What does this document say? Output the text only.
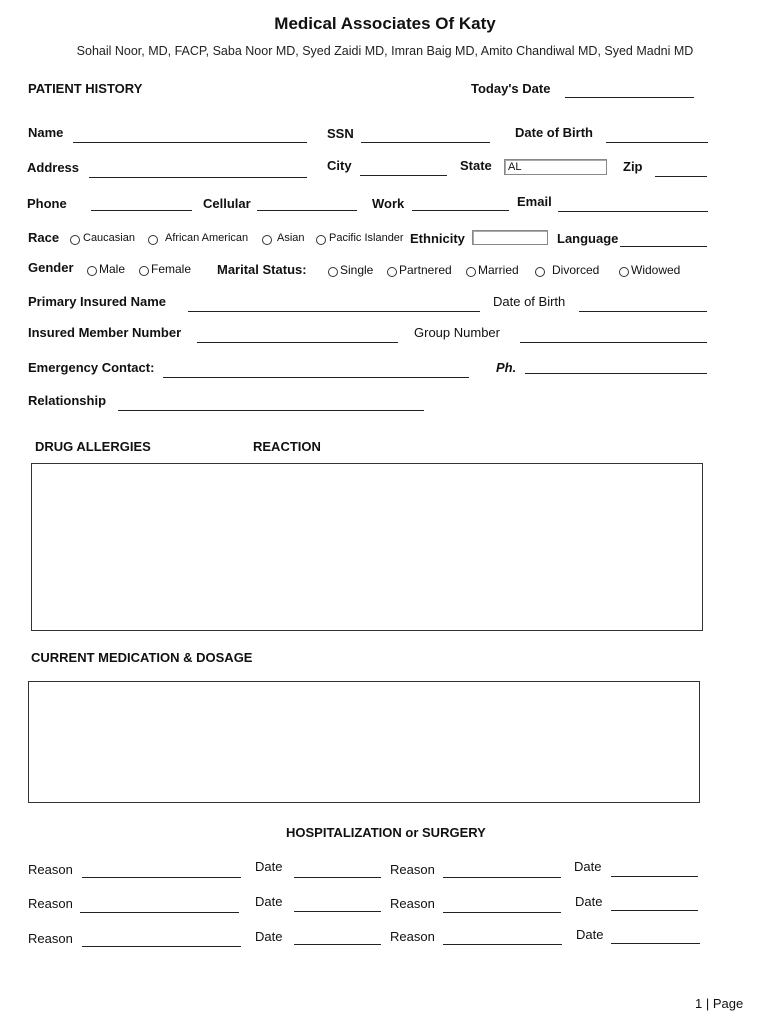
Medical Associates Of Katy
Sohail Noor, MD, FACP, Saba Noor MD, Syed Zaidi MD, Imran Baig MD, Amito Chandiwal MD, Syed Madni MD
PATIENT HISTORY	Today's Date
Name	SSN	Date of Birth
Address	City	State	AL	Zip
Phone	Cellular	Work	Email
Race Caucasian	African American	Asian Pacific Islander Ethnicity	Language
Gender Male Female Marital Status:	Single Partnered Married	Divorced	Widowed
Primary Insured Name	Date of Birth
Insured Member Number	Group Number
Emergency Contact:	Ph.
Relationship
DRUG ALLERGIES	REACTION
CURRENT MEDICATION & DOSAGE
HOSPITALIZATION or SURGERY
Reason	Date	Reason	Date
Reason	Date	Reason	Date
Reason	Date	Reason	Date
1 | Page
